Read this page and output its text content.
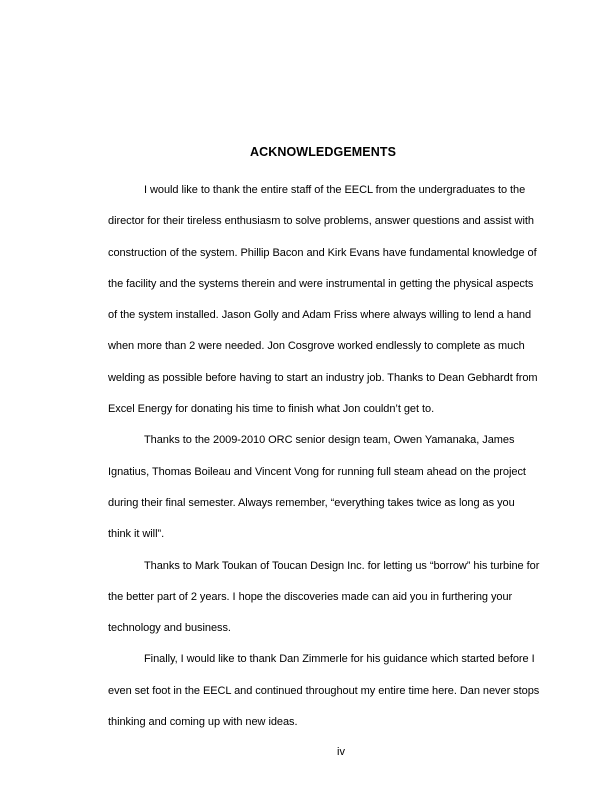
ACKNOWLEDGEMENTS

I would like to thank the entire staff of the EECL from the undergraduates to the director for their tireless enthusiasm to solve problems, answer questions and assist with construction of the system. Phillip Bacon and Kirk Evans have fundamental knowledge of the facility and the systems therein and were instrumental in getting the physical aspects of the system installed. Jason Golly and Adam Friss where always willing to lend a hand when more than 2 were needed. Jon Cosgrove worked endlessly to complete as much welding as possible before having to start an industry job. Thanks to Dean Gebhardt from Excel Energy for donating his time to finish what Jon couldn’t get to.

Thanks to the 2009-2010 ORC senior design team, Owen Yamanaka, James Ignatius, Thomas Boileau and Vincent Vong for running full steam ahead on the project during their final semester. Always remember, “everything takes twice as long as you think it will”.

Thanks to Mark Toukan of Toucan Design Inc. for letting us “borrow” his turbine for the better part of 2 years. I hope the discoveries made can aid you in furthering your technology and business.

Finally, I would like to thank Dan Zimmerle for his guidance which started before I even set foot in the EECL and continued throughout my entire time here. Dan never stops thinking and coming up with new ideas.

iv
